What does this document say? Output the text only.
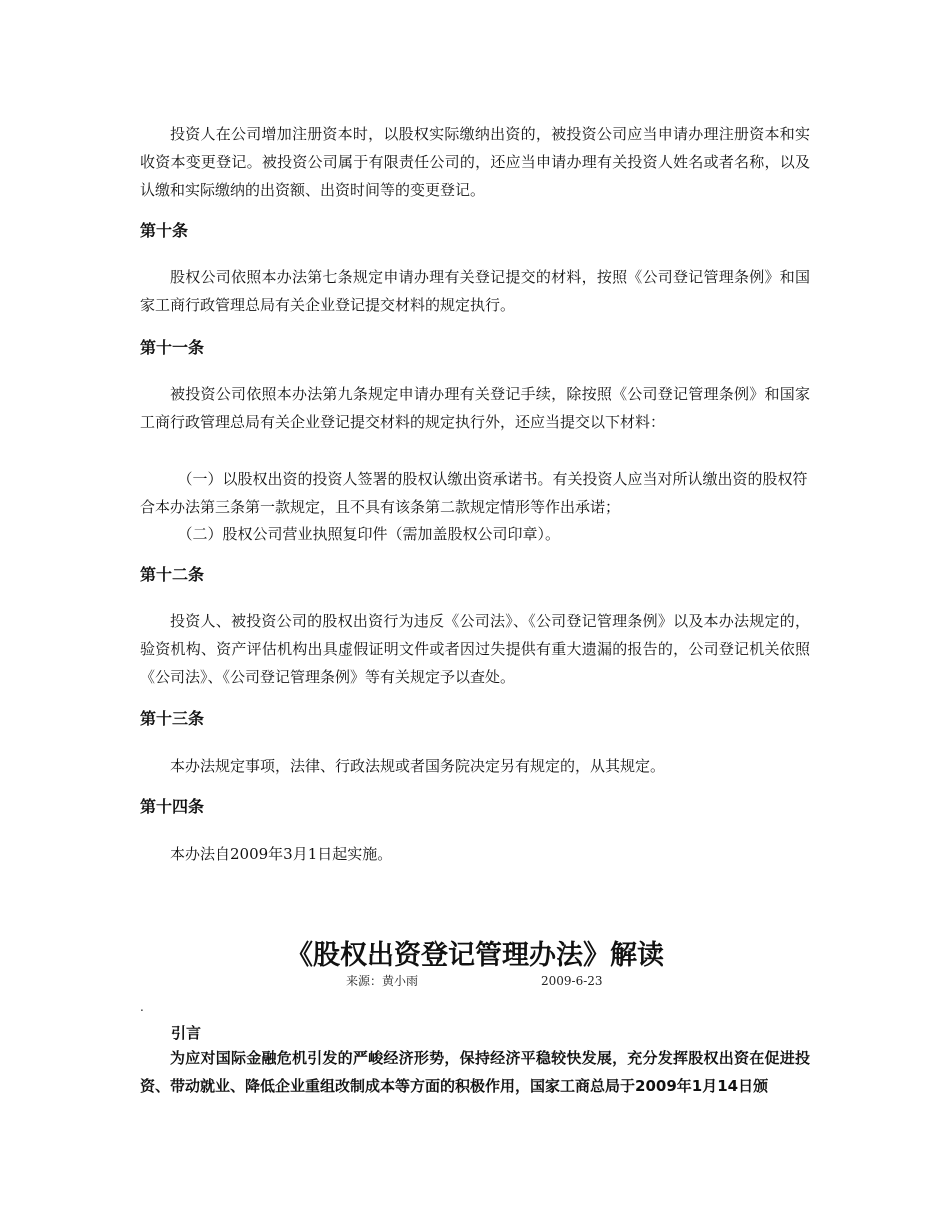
投资人在公司增加注册资本时，以股权实际缴纳出资的，被投资公司应当申请办理注册资本和实收资本变更登记。被投资公司属于有限责任公司的，还应当申请办理有关投资人姓名或者名称，以及认缴和实际缴纳的出资额、出资时间等的变更登记。

第十条

股权公司依照本办法第七条规定申请办理有关登记提交的材料，按照《公司登记管理条例》和国家工商行政管理总局有关企业登记提交材料的规定执行。

第十一条

被投资公司依照本办法第九条规定申请办理有关登记手续，除按照《公司登记管理条例》和国家工商行政管理总局有关企业登记提交材料的规定执行外，还应当提交以下材料：

（一）以股权出资的投资人签署的股权认缴出资承诺书。有关投资人应当对所认缴出资的股权符合本办法第三条第一款规定，且不具有该条第二款规定情形等作出承诺；

（二）股权公司营业执照复印件（需加盖股权公司印章）。

第十二条

投资人、被投资公司的股权出资行为违反《公司法》、《公司登记管理条例》以及本办法规定的，验资机构、资产评估机构出具虚假证明文件或者因过失提供有重大遗漏的报告的，公司登记机关依照《公司法》、《公司登记管理条例》等有关规定予以查处。

第十三条

本办法规定事项，法律、行政法规或者国务院决定另有规定的，从其规定。

第十四条

本办法自2009年3月1日起实施。

《股权出资登记管理办法》解读
来源：黄小雨	2009-6-23
.
引言

为应对国际金融危机引发的严峻经济形势，保持经济平稳较快发展，充分发挥股权出资在促进投资、带动就业、降低企业重组改制成本等方面的积极作用，国家工商总局于2009年1月14日颁
